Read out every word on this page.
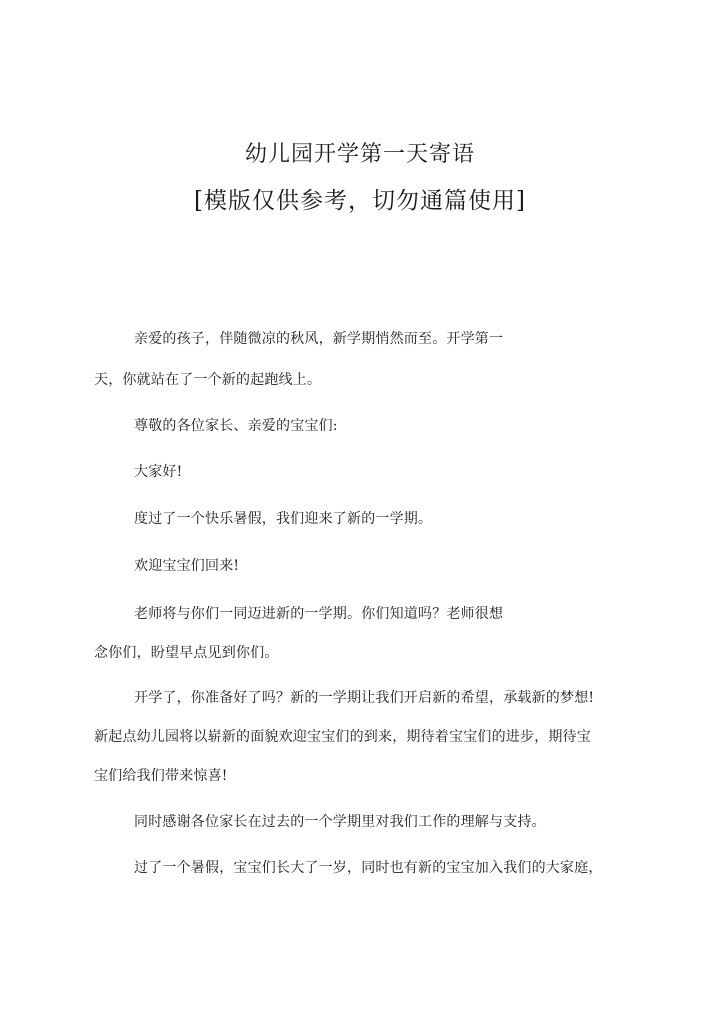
幼儿园开学第一天寄语
[模版仅供参考，切勿通篇使用]
亲爱的孩子，伴随微凉的秋风，新学期悄然而至。开学第一
天，你就站在了一个新的起跑线上。
尊敬的各位家长、亲爱的宝宝们:
大家好!
度过了一个快乐暑假，我们迎来了新的一学期。
欢迎宝宝们回来!
老师将与你们一同迈进新的一学期。你们知道吗？老师很想
念你们，盼望早点见到你们。
开学了，你准备好了吗？新的一学期让我们开启新的希望，承载新的梦想!
新起点幼儿园将以崭新的面貌欢迎宝宝们的到来，期待着宝宝们的进步，期待宝
宝们给我们带来惊喜!
同时感谢各位家长在过去的一个学期里对我们工作的理解与支持。
过了一个暑假，宝宝们长大了一岁，同时也有新的宝宝加入我们的大家庭，
